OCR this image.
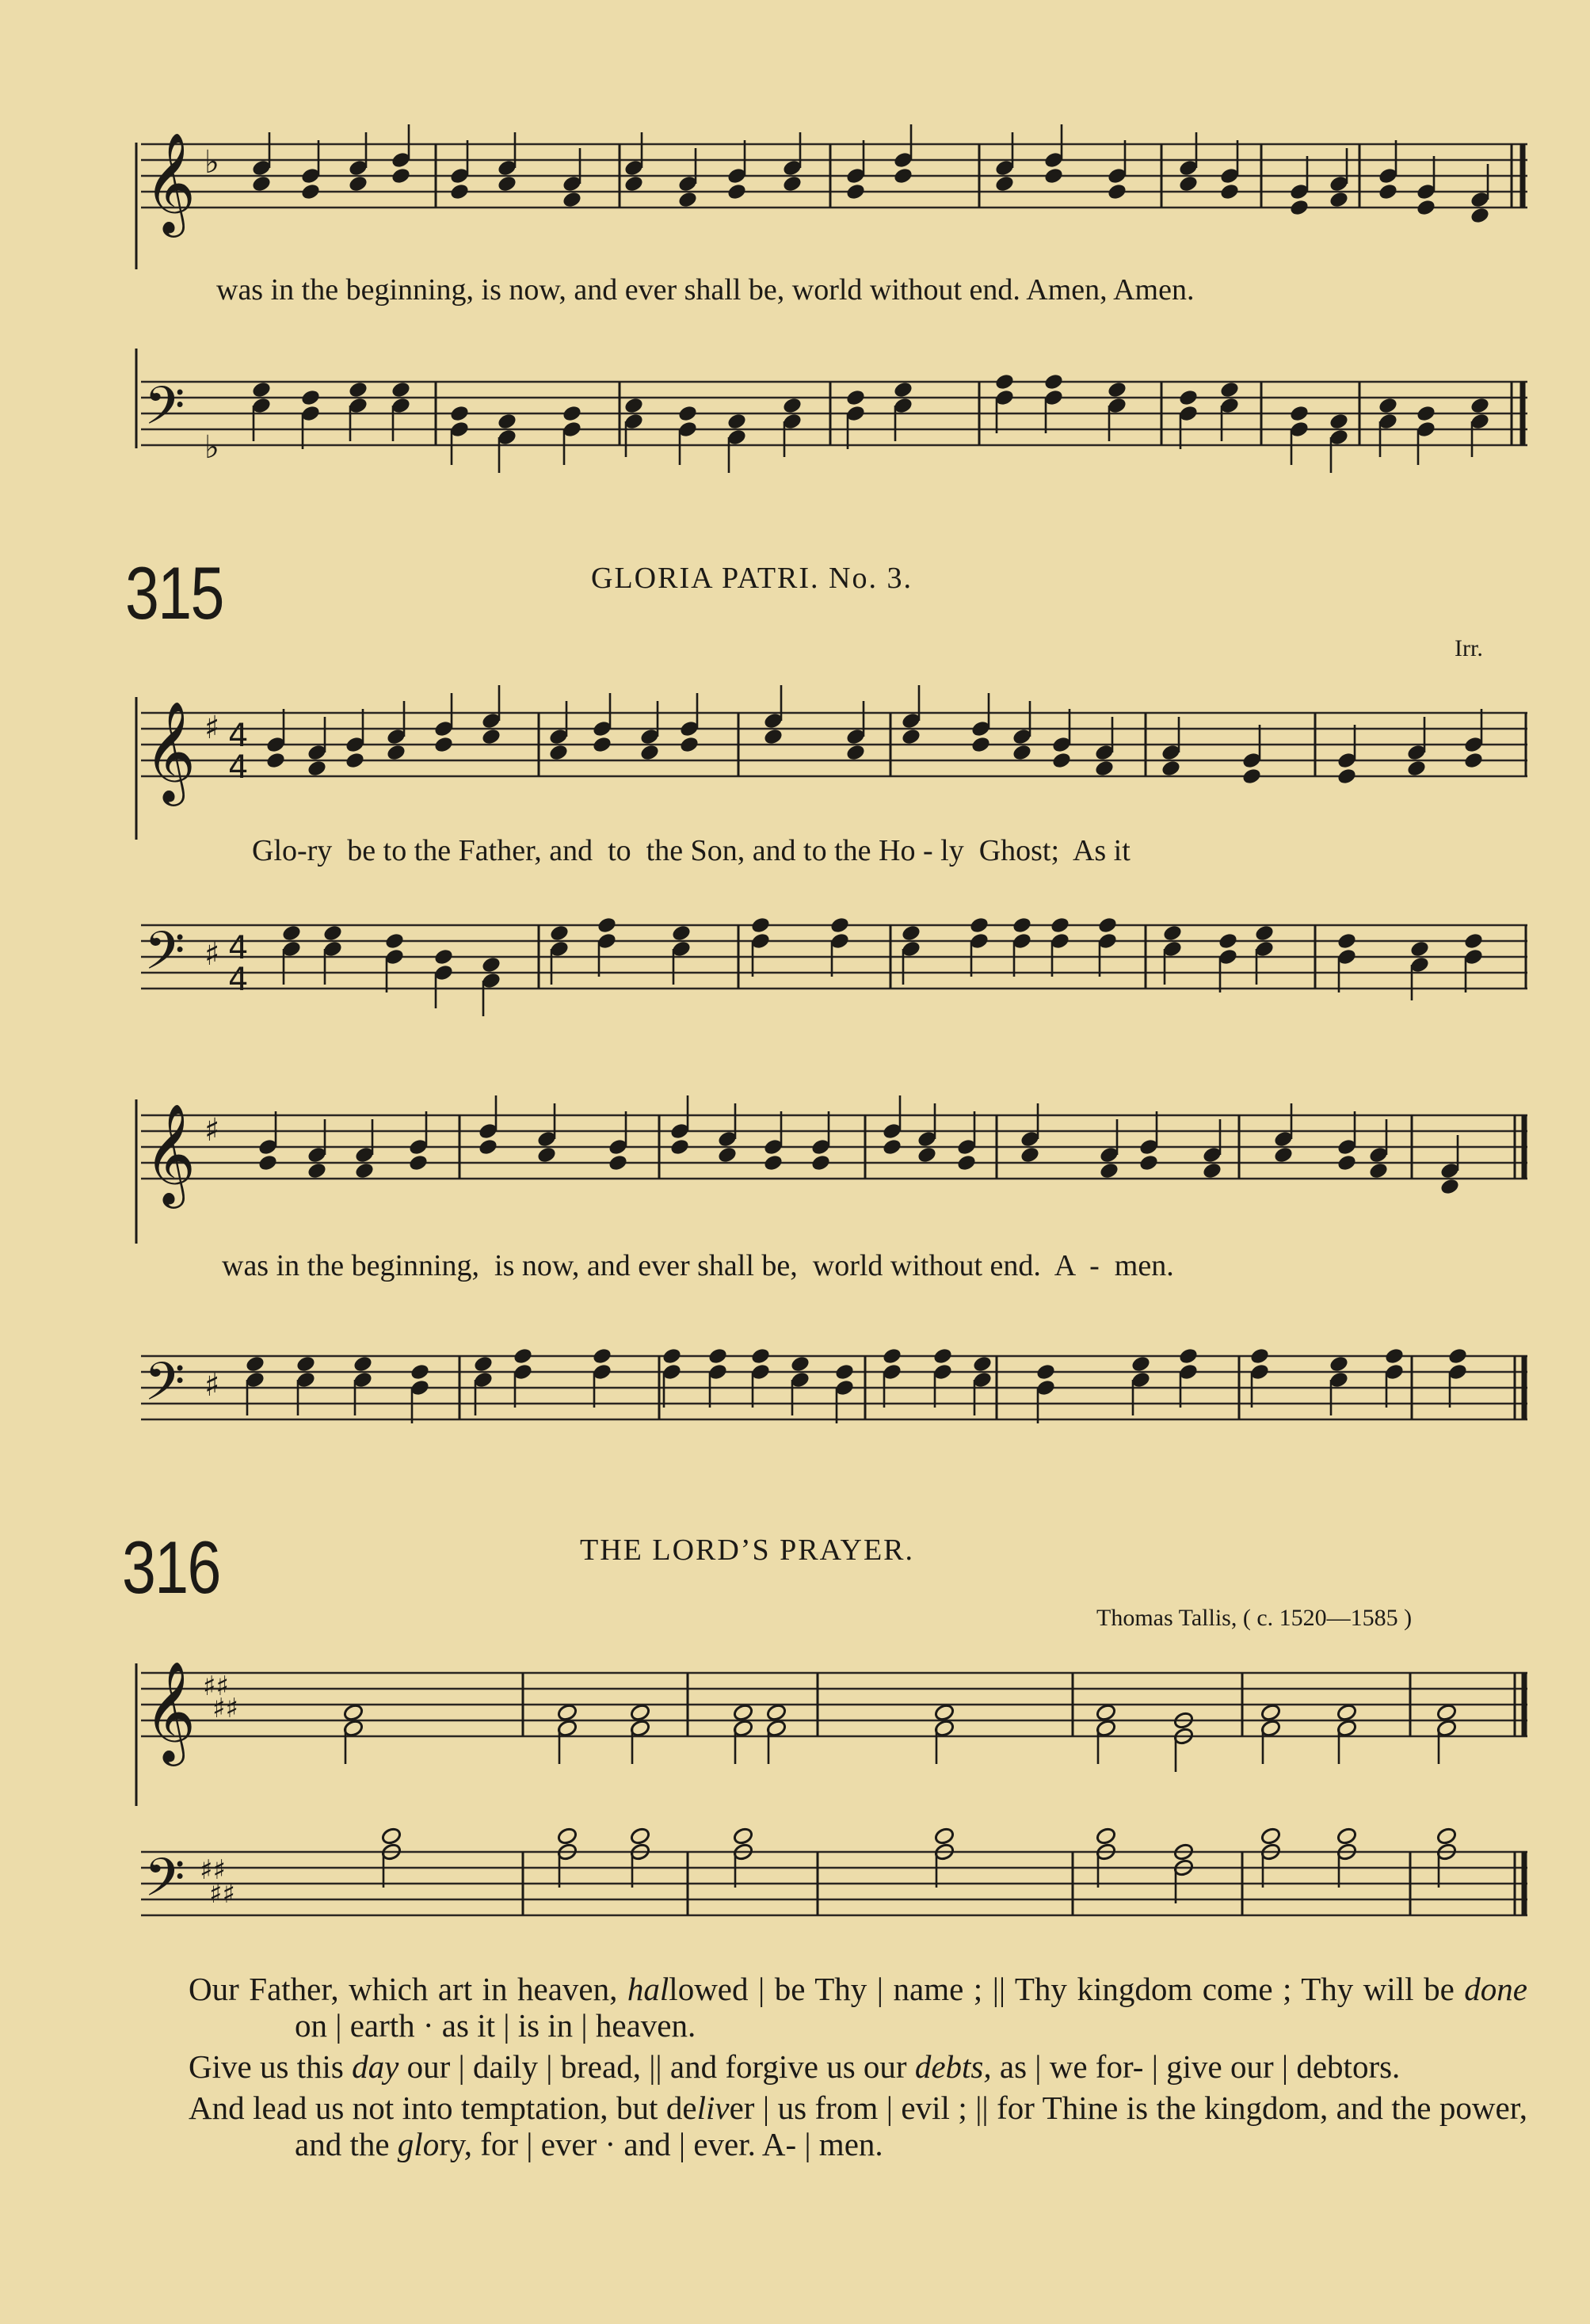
𝄞 ♭
was in the beginning, is now, and ever shall be, world without end. Amen, Amen.
𝄢 ♭
315	GLORIA PATRI. No. 3.
Irr.
𝄞 ♯ 4
4
Glo-ry  be to the Father, and  to  the Son, and to the Ho - ly  Ghost;  As it
𝄢 ♯ 4
4
𝄞 ♯
was in the beginning,  is now, and ever shall be,  world without end.  A  -  men.
𝄢 ♯
316	THE LORD’S PRAYER.
Thomas Tallis, ( c. 1520—1585 )
𝄞 ♯♯
♯♯
𝄢 ♯♯
♯♯

Our Father, which art in heaven, hallowed | be Thy | name ; || Thy kingdom come ; Thy will be done on | earth · as it | is in | heaven.

Give us this day our | daily | bread, || and forgive us our debts, as | we for- | give our | debtors.

And lead us not into temptation, but deliver | us from | evil ; || for Thine is the kingdom, and the power, and the glory, for | ever · and | ever. A- | men.
